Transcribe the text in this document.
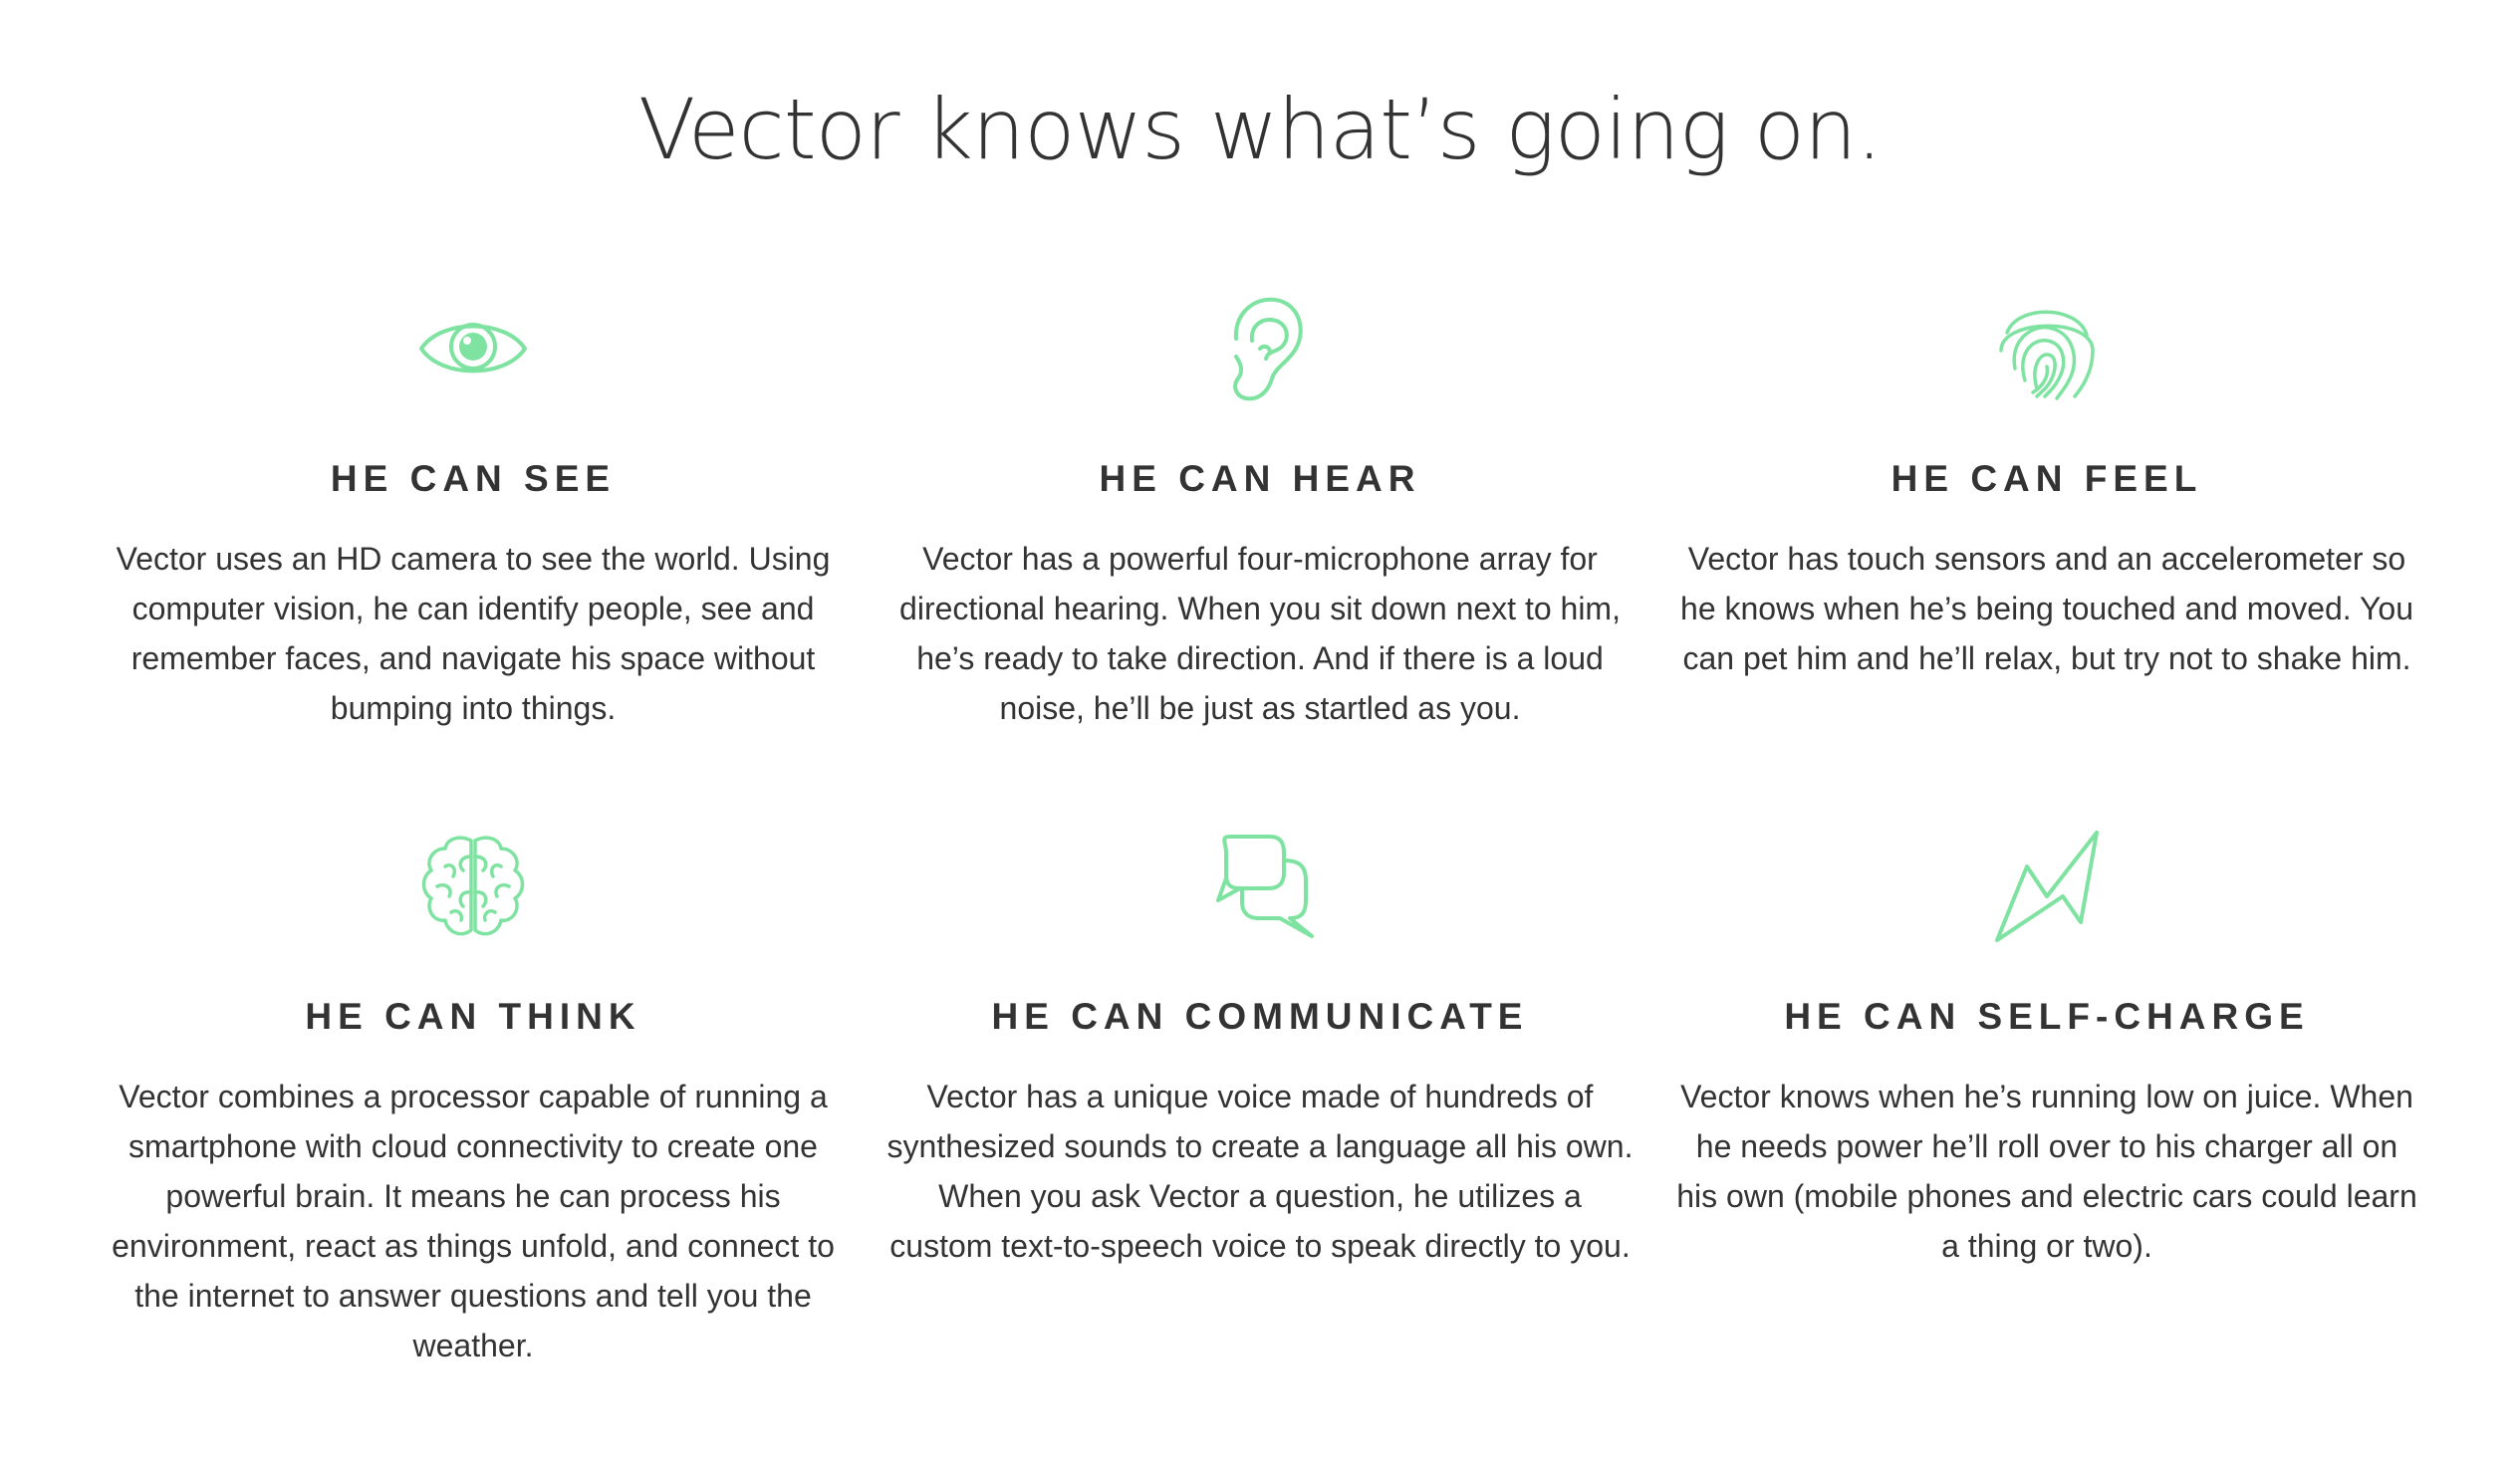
Vector knows what’s going on.
HE CAN SEE
Vector uses an HD camera to see the world. Using computer vision, he can identify people, see and remember faces, and navigate his space without bumping into things.
HE CAN HEAR
Vector has a powerful four-microphone array for directional hearing. When you sit down next to him, he’s ready to take direction. And if there is a loud noise, he’ll be just as startled as you.
HE CAN FEEL
Vector has touch sensors and an accelerometer so he knows when he’s being touched and moved. You can pet him and he’ll relax, but try not to shake him.
HE CAN THINK
Vector combines a processor capable of running a smartphone with cloud connectivity to create one powerful brain. It means he can process his environment, react as things unfold, and connect to the internet to answer questions and tell you the weather.
HE CAN COMMUNICATE
Vector has a unique voice made of hundreds of synthesized sounds to create a language all his own. When you ask Vector a question, he utilizes a custom text-to-speech voice to speak directly to you.
HE CAN SELF-CHARGE
Vector knows when he’s running low on juice. When he needs power he’ll roll over to his charger all on his own (mobile phones and electric cars could learn a thing or two).
